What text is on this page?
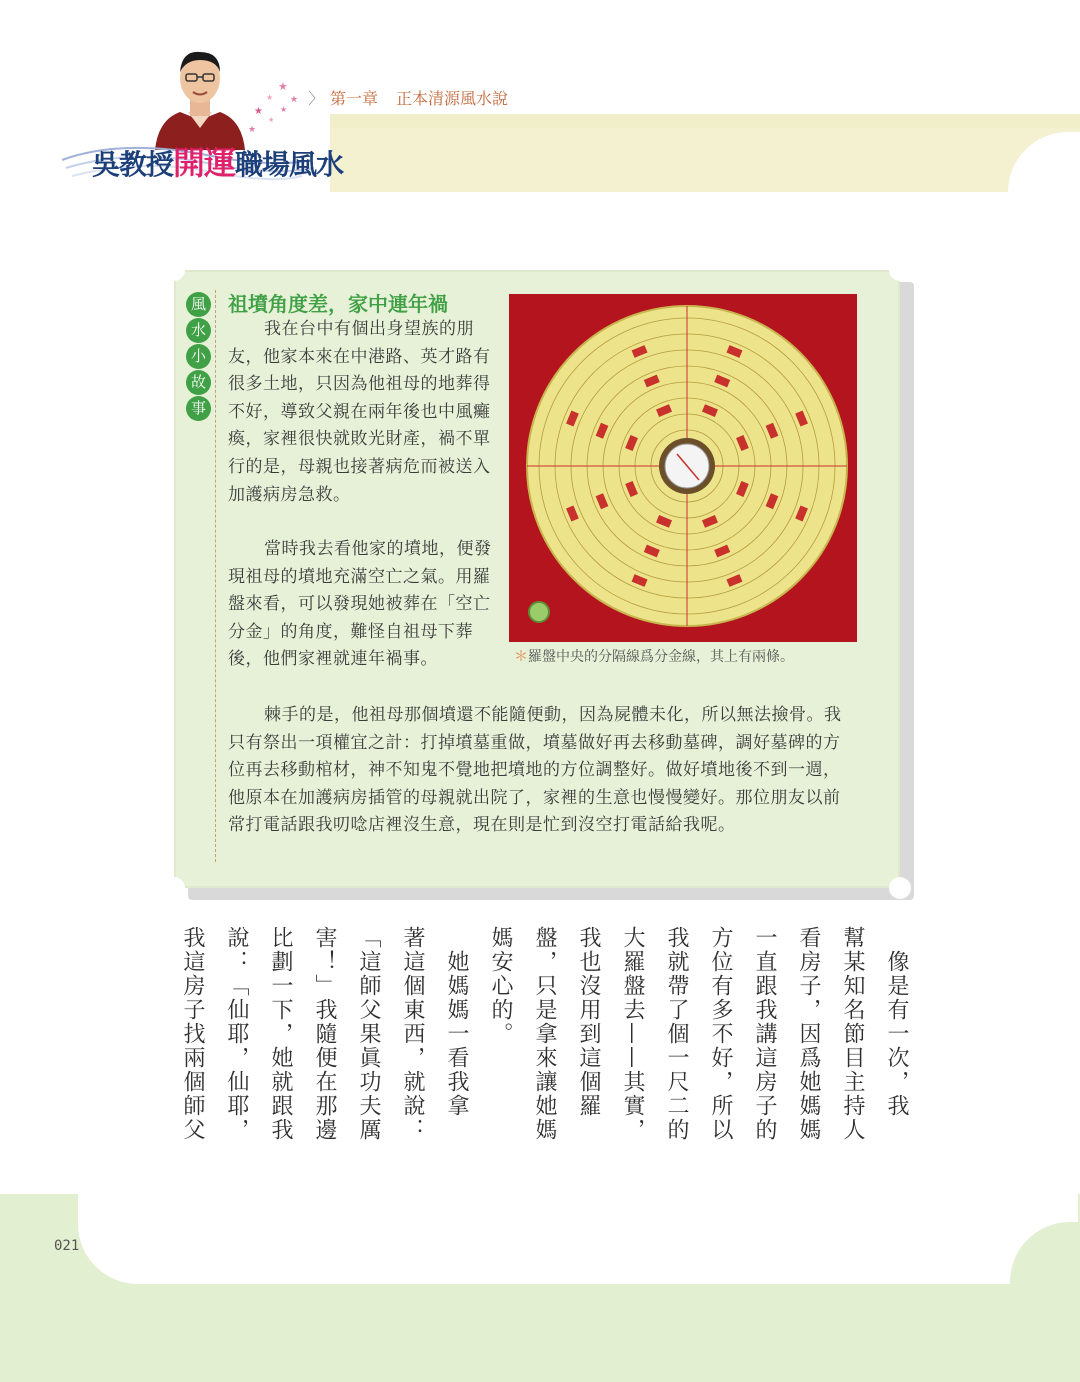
★
★
★
★
★
★
★
吳教授開運職場風水
〉 第一章 正本清源風水說
風
水
小
故
事
祖墳角度差，家中連年禍
我在台中有個出身望族的朋友，他家本來在中港路、英才路有很多土地，只因為他祖母的地葬得不好，導致父親在兩年後也中風癱瘓，家裡很快就敗光財產，禍不單行的是，母親也接著病危而被送入加護病房急救。
當時我去看他家的墳地，便發現祖母的墳地充滿空亡之氣。用羅盤來看，可以發現她被葬在「空亡分金」的角度，難怪自祖母下葬後，他們家裡就連年禍事。
棘手的是，他祖母那個墳還不能隨便動，因為屍體未化，所以無法撿骨。我只有祭出一項權宜之計：打掉墳墓重做，墳墓做好再去移動墓碑，調好墓碑的方位再去移動棺材，神不知鬼不覺地把墳地的方位調整好。做好墳地後不到一週，他原本在加護病房插管的母親就出院了，家裡的生意也慢慢變好。那位朋友以前常打電話跟我叨唸店裡沒生意，現在則是忙到沒空打電話給我呢。
＊羅盤中央的分隔線爲分金線，其上有兩條。
　像是有一次，我
幫某知名節目主持人
看房子，因爲她媽媽
一直跟我講這房子的
方位有多不好，所以
我就帶了個一尺二的
大羅盤去——其實，
我也沒用到這個羅
盤，只是拿來讓她媽
媽安心的。
　她媽媽一看我拿
著這個東西，就說：
「這師父果眞功夫厲
害！」我隨便在那邊
比劃一下，她就跟我
說：「仙耶，仙耶，
我這房子找兩個師父
021
